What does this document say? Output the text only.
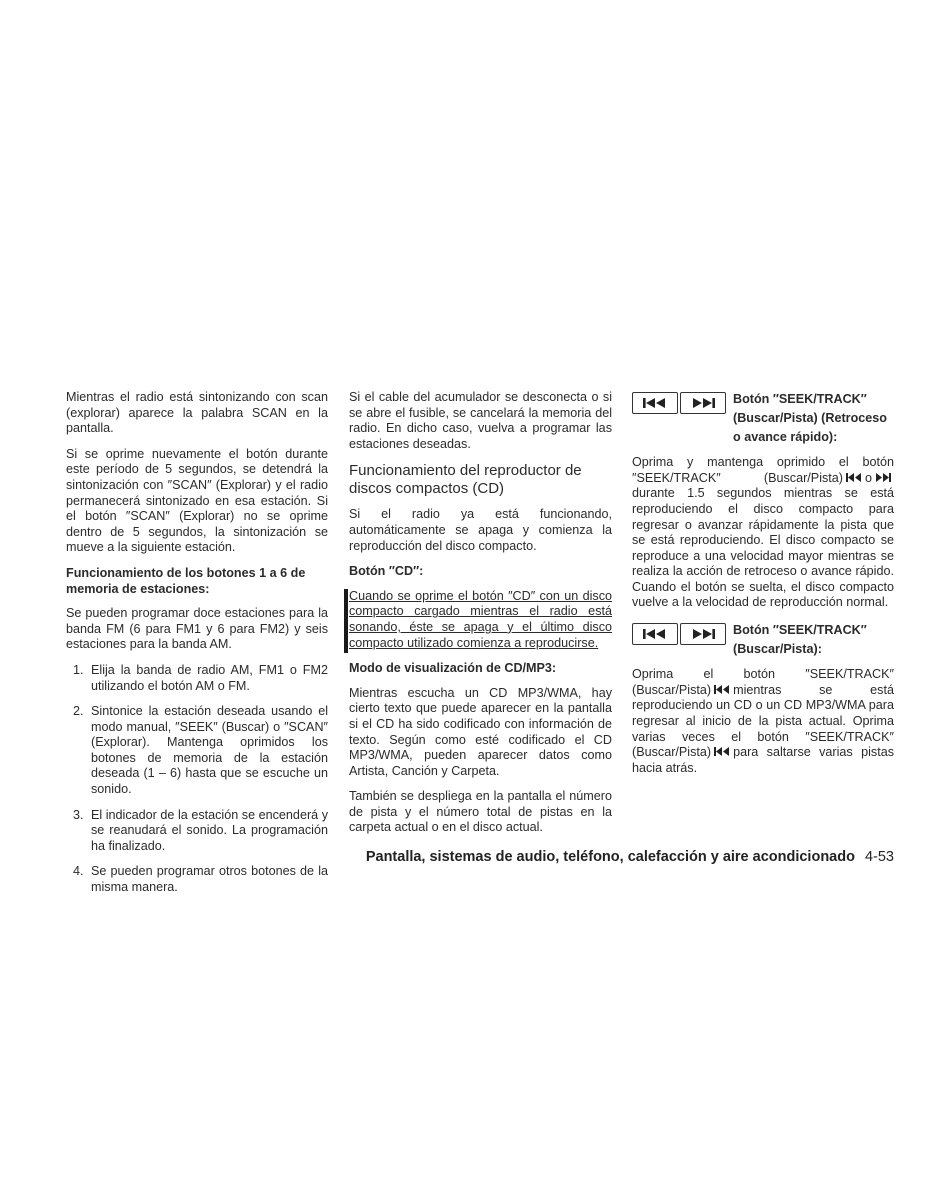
Mientras el radio está sintonizando con scan (explorar) aparece la palabra SCAN en la pantalla.

Si se oprime nuevamente el botón durante este período de 5 segundos, se detendrá la sintonización con ″SCAN″ (Explorar) y el radio permanecerá sintonizado en esa estación. Si el botón ″SCAN″ (Explorar) no se oprime dentro de 5 segundos, la sintonización se mueve a la siguiente estación.

Funcionamiento de los botones 1 a 6 de memoria de estaciones:

Se pueden programar doce estaciones para la banda FM (6 para FM1 y 6 para FM2) y seis estaciones para la banda AM.

1. Elija la banda de radio AM, FM1 o FM2 utilizando el botón AM o FM.
2. Sintonice la estación deseada usando el modo manual, ″SEEK″ (Buscar) o ″SCAN″ (Explorar). Mantenga oprimidos los botones de memoria de la estación deseada (1 – 6) hasta que se escuche un sonido.
3. El indicador de la estación se encenderá y se reanudará el sonido. La programación ha finalizado.
4. Se pueden programar otros botones de la misma manera.

Si el cable del acumulador se desconecta o si se abre el fusible, se cancelará la memoria del radio. En dicho caso, vuelva a programar las estaciones deseadas.

Funcionamiento del reproductor de discos compactos (CD)

Si el radio ya está funcionando, automáticamente se apaga y comienza la reproducción del disco compacto.

Botón ″CD″:

Cuando se oprime el botón ″CD″ con un disco compacto cargado mientras el radio está sonando, éste se apaga y el último disco compacto utilizado comienza a reproducirse.

Modo de visualización de CD/MP3:

Mientras escucha un CD MP3/WMA, hay cierto texto que puede aparecer en la pantalla si el CD ha sido codificado con información de texto. Según como esté codificado el CD MP3/WMA, pueden aparecer datos como Artista, Canción y Carpeta.

También se despliega en la pantalla el número de pista y el número total de pistas en la carpeta actual o en el disco actual.

Botón ″SEEK/TRACK″
(Buscar/Pista) (Retroceso
o avance rápido):

Oprima y mantenga oprimido el botón ″SEEK/TRACK″ (Buscar/Pista) o durante 1.5 segundos mientras se está reproduciendo el disco compacto para regresar o avanzar rápidamente la pista que se está reproduciendo. El disco compacto se reproduce a una velocidad mayor mientras se realiza la acción de retroceso o avance rápido. Cuando el botón se suelta, el disco compacto vuelve a la velocidad de reproducción normal.

Botón ″SEEK/TRACK″
(Buscar/Pista):

Oprima el botón ″SEEK/TRACK″ (Buscar/Pista) mientras se está reproduciendo un CD o un CD MP3/WMA para regresar al inicio de la pista actual. Oprima varias veces el botón ″SEEK/TRACK″ (Buscar/Pista) para saltarse varias pistas hacia atrás.

Pantalla, sistemas de audio, teléfono, calefacción y aire acondicionado 4-53
